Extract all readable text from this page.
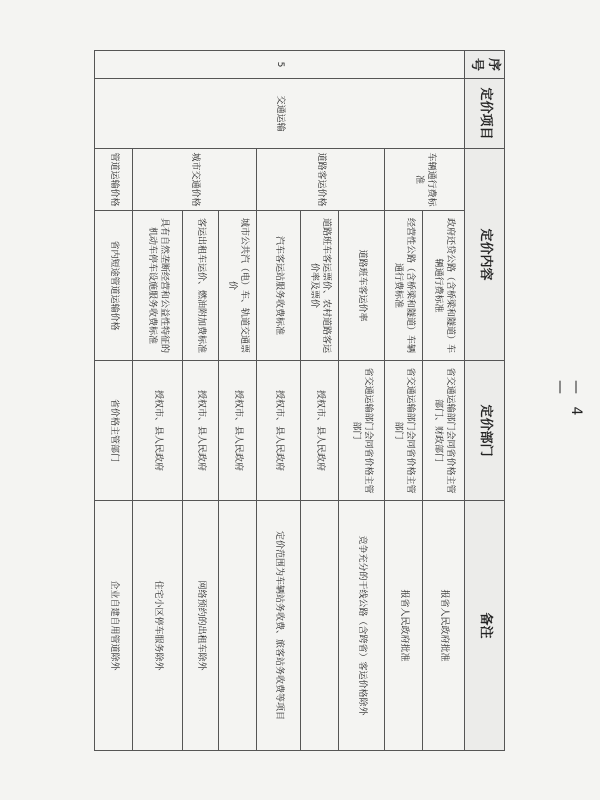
序号	定价项目	定价内容		定价部门	备注
5	交通运输	车辆通行费标准	政府还贷公路（含桥梁和隧道）车辆通行费标准	省交通运输部门会同省价格主管部门、财政部门	报省人民政府批准
			经营性公路（含桥梁和隧道）车辆通行费标准	省交通运输部门会同省价格主管部门	报省人民政府批准
		道路客运价格	道路班车客运价率	省交通运输部门会同省价格主管部门	竞争充分的干线公路（含跨省）客运价格除外
			道路班车客运票价、农村道路客运价率及票价	授权市、县人民政府	
			汽车客运站服务收费标准	授权市、县人民政府	定价范围为车辆站务收费、旅客站务收费等项目
		城市交通价格	城市公共汽（电）车、轨道交通票价	授权市、县人民政府	
			客运出租车运价、燃油附加费标准	授权市、县人民政府	网络预约的出租车除外
			具有自然垄断经营和公益性特征的机动车停车设施服务收费标准	授权市、县人民政府	住宅小区停车服务除外
		管道运输价格	省内短途管道运输价格	省价格主管部门	企业自建自用管道除外
— 4 —
